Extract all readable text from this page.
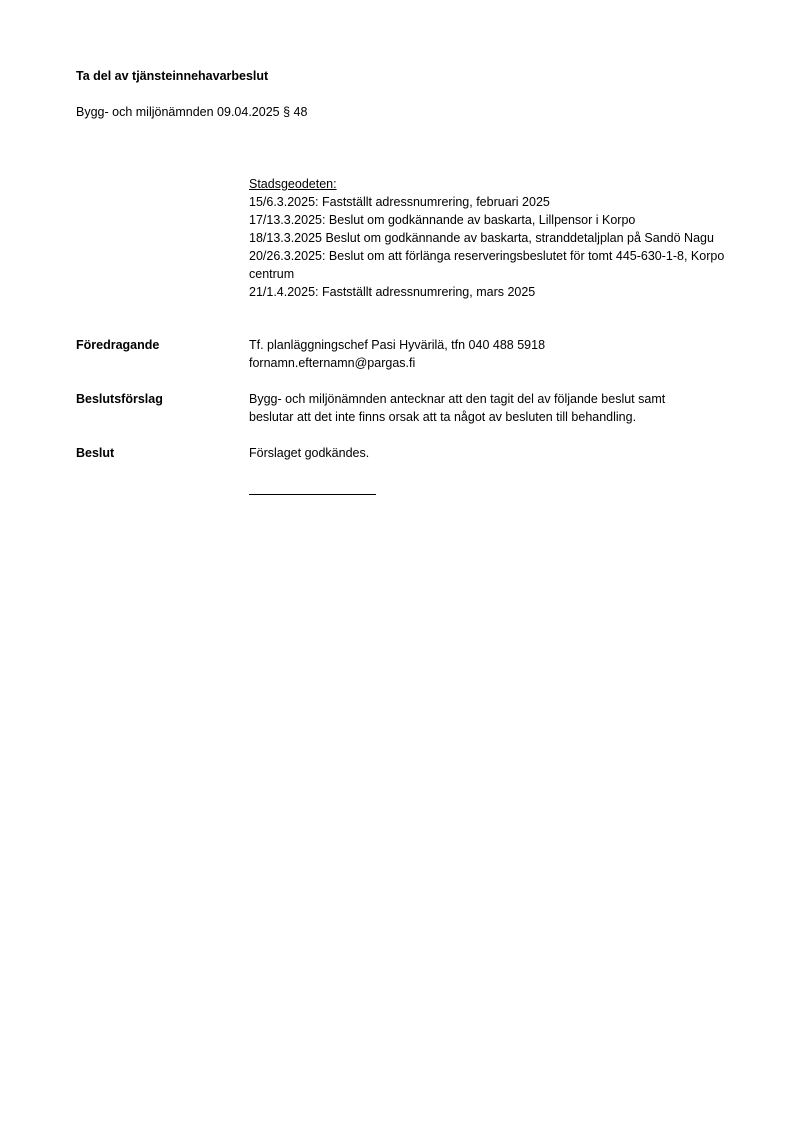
Ta del av tjänsteinnehavarbeslut
Bygg- och miljönämnden 09.04.2025 § 48
Stadsgeodeten:
15/6.3.2025: Fastställt adressnumrering, februari 2025
17/13.3.2025: Beslut om godkännande av baskarta, Lillpensor i Korpo
18/13.3.2025 Beslut om godkännande av baskarta, stranddetaljplan på Sandö Nagu
20/26.3.2025: Beslut om att förlänga reserveringsbeslutet för tomt 445-630-1-8, Korpo centrum
21/1.4.2025: Fastställt adressnumrering, mars 2025
Föredragande	Tf. planläggningschef Pasi Hyvärilä, tfn 040 488 5918
fornamn.efternamn@pargas.fi
Beslutsförslag	Bygg- och miljönämnden antecknar att den tagit del av följande beslut samt beslutar att det inte finns orsak att ta något av besluten till behandling.
Beslut	Förslaget godkändes.
